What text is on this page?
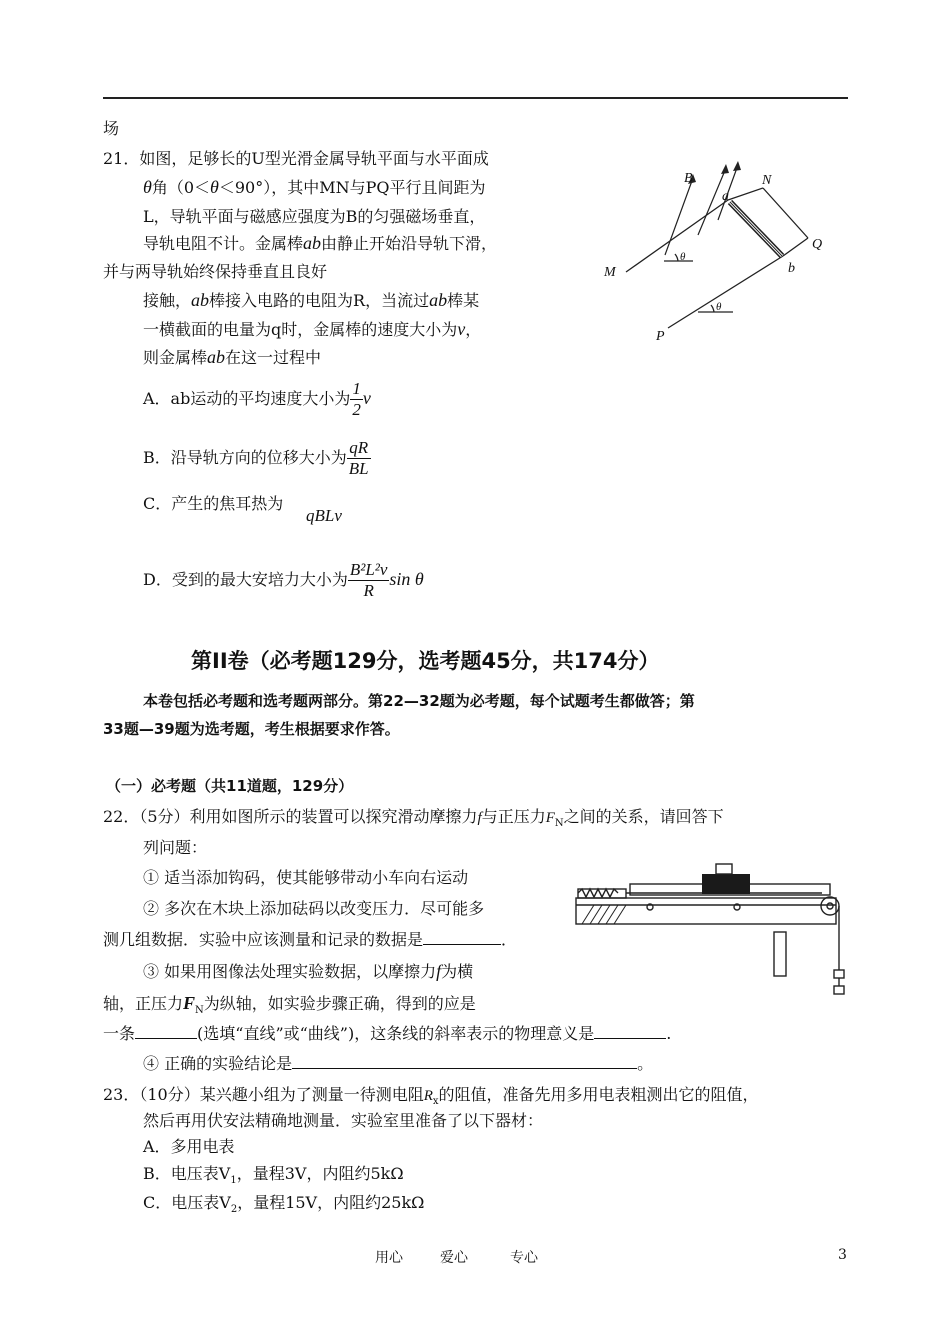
场
21．如图，足够长的U型光滑金属导轨平面与水平面成
θ角（0＜θ＜90°），其中MN与PQ平行且间距为
L，导轨平面与磁感应强度为B的匀强磁场垂直，
导轨电阻不计。金属棒ab由静止开始沿导轨下滑，
并与两导轨始终保持垂直且良好
接触，ab棒接入电路的电阻为R，当流过ab棒某
一横截面的电量为q时，金属棒的速度大小为v，
则金属棒ab在这一过程中
A．ab运动的平均速度大小为 $\frac{1}{2}$ v
B．沿导轨方向的位移大小为 $\frac{qR}{BL}$
C．产生的焦耳热为
qBLv
D．受到的最大安培力大小为 $\frac{\text{B²L²v}}{R}$ sin θ
B
a
N
Q
M	b
P
θ
θ
第II卷（必考题129分，选考题45分，共174分）
本卷包括必考题和选考题两部分。第22—32题为必考题，每个试题考生都做答；第
33题—39题为选考题，考生根据要求作答。
（一）必考题（共11道题，129分）
22．（5分）利用如图所示的装置可以探究滑动摩擦力f与正压力$F_N$之间的关系，请回答下
列问题：
① 适当添加钩码，使其能够带动小车向右运动
② 多次在木块上添加砝码以改变压力．尽可能多
测几组数据．实验中应该测量和记录的数据是	．
③ 如果用图像法处理实验数据，以摩擦力f为横
轴，正压力$F_N$为纵轴，如实验步骤正确，得到的应是
一条	(选填“直线”或“曲线”)，这条线的斜率表示的物理意义是	.
④ 正确的实验结论是	。
23．（10分）某兴趣小组为了测量一待测电阻$R_x$的阻值，准备先用多用电表粗测出它的阻值，
然后再用伏安法精确地测量．实验室里准备了以下器材：
A．多用电表
B．电压表$V_1$，量程3V，内阻约5kΩ
C．电压表$V_2$，量程15V，内阻约25kΩ
用心	爱心	专心	3
